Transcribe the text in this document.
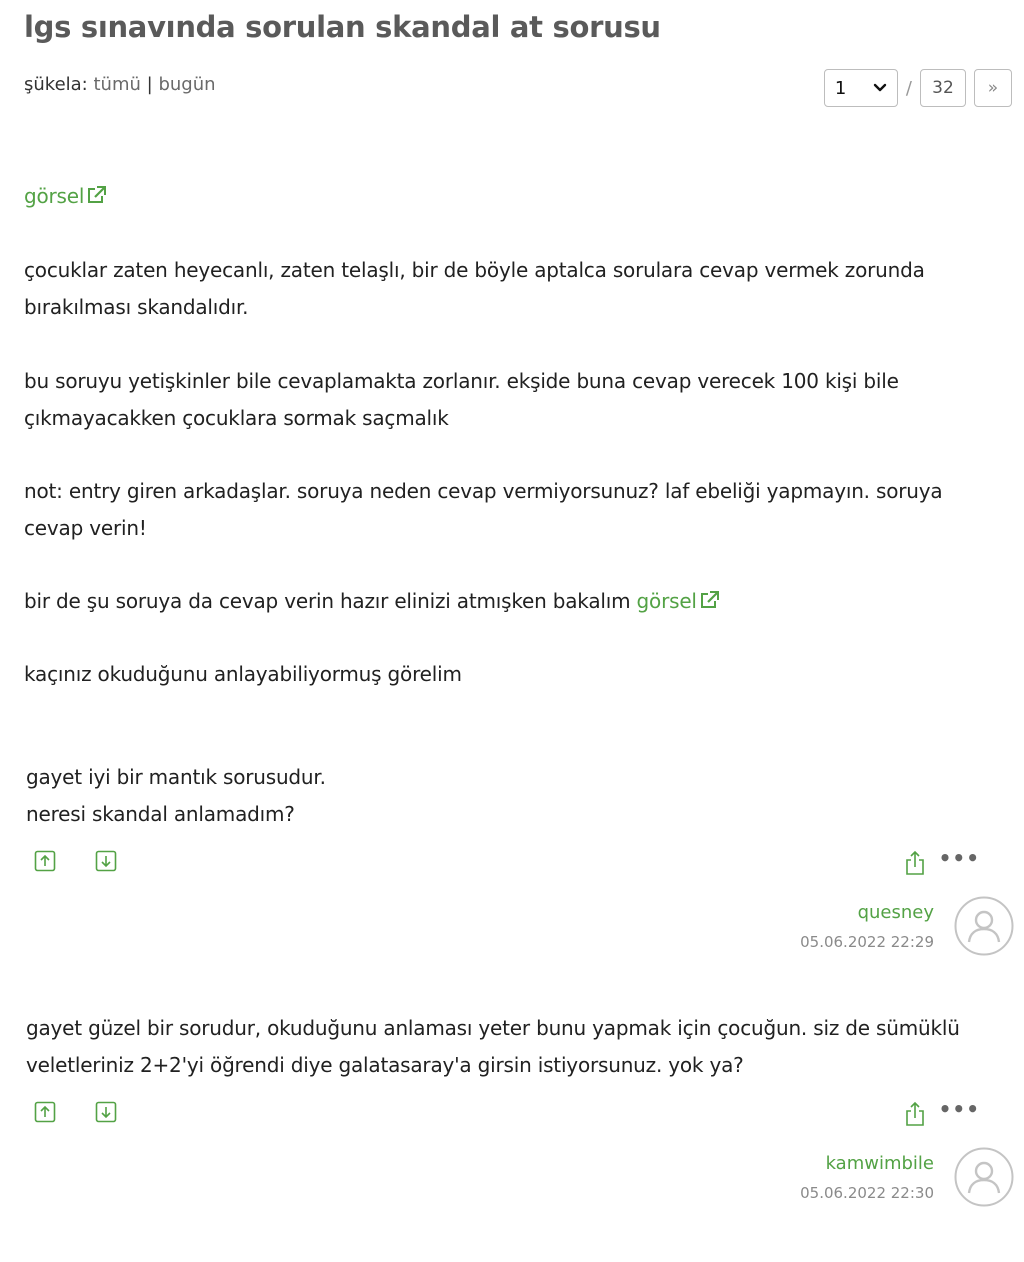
lgs sınavında sorulan skandal at sorusu
şükela: tümü | bugün	1	/	32	»

görsel

çocuklar zaten heyecanlı, zaten telaşlı, bir de böyle aptalca sorulara cevap vermek zorunda bırakılması skandalıdır.

bu soruyu yetişkinler bile cevaplamakta zorlanır. ekşide buna cevap verecek 100 kişi bile çıkmayacakken çocuklara sormak saçmalık

not: entry giren arkadaşlar. soruya neden cevap vermiyorsunuz? laf ebeliği yapmayın. soruya cevap verin!

bir de şu soruya da cevap verin hazır elinizi atmışken bakalım görsel

kaçınız okuduğunu anlayabiliyormuş görelim

gayet iyi bir mantık sorusudur.

neresi skandal anlamadım?

•••
quesney
05.06.2022 22:29

gayet güzel bir sorudur, okuduğunu anlaması yeter bunu yapmak için çocuğun. siz de sümüklü veletleriniz 2+2'yi öğrendi diye galatasaray'a girsin istiyorsunuz. yok ya?

•••
kamwimbile
05.06.2022 22:30
